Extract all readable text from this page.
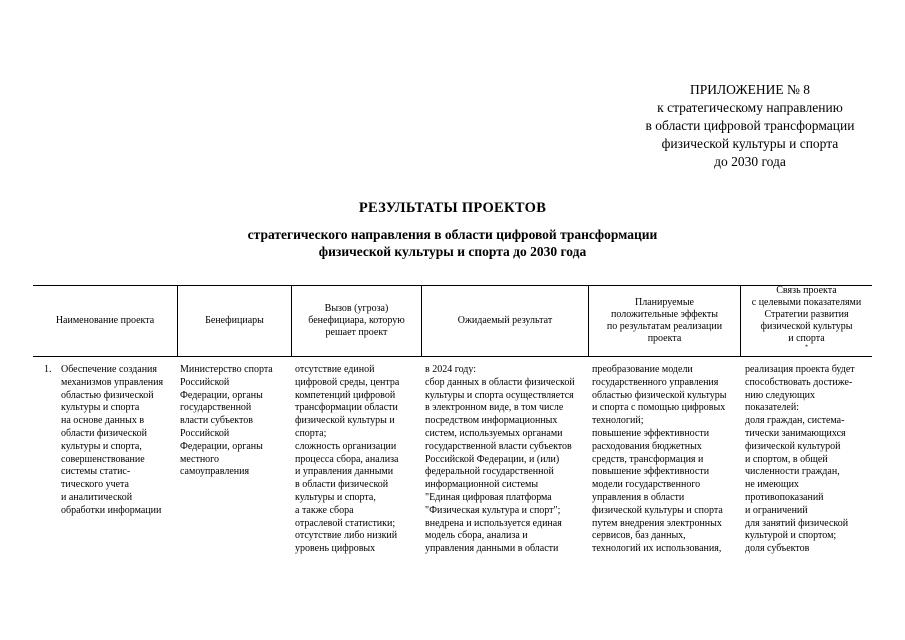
ПРИЛОЖЕНИЕ № 8
к стратегическому направлению
в области цифровой трансформации
физической культуры и спорта
до 2030 года
РЕЗУЛЬТАТЫ ПРОЕКТОВ
стратегического направления в области цифровой трансформации
физической культуры и спорта до 2030 года
Наименование проекта	Бенефициары
Вызов (угроза)
бенефициара, которую
решает проект
Ожидаемый результат
Планируемые
положительные эффекты
по результатам реализации
проекта
Связь проекта
с целевыми показателями
Стратегии развития
физической культуры
и спорта
*
1. Обеспечение создания
механизмов управления
областью физической
культуры и спорта
на основе данных в
области физической
культуры и спорта,
совершенствование
системы статис-
тического учета
и аналитической
обработки информации
Министерство спорта
Российской
Федерации, органы
государственной
власти субъектов
Российской
Федерации, органы
местного
самоуправления
отсутствие единой
цифровой среды, центра
компетенций цифровой
трансформации области
физической культуры и
спорта;
сложность организации
процесса сбора, анализа
и управления данными
в области физической
культуры и спорта,
а также сбора
отраслевой статистики;
отсутствие либо низкий
уровень цифровых
в 2024 году:
сбор данных в области физической
культуры и спорта осуществляется
в электронном виде, в том числе
посредством информационных
систем, используемых органами
государственной власти субъектов
Российской Федерации, и (или)
федеральной государственной
информационной системы
"Единая цифровая платформа
"Физическая культура и спорт";
внедрена и используется единая
модель сбора, анализа и
управления данными в области
преобразование модели
государственного управления
областью физической культуры
и спорта с помощью цифровых
технологий;
повышение эффективности
расходования бюджетных
средств, трансформация и
повышение эффективности
модели государственного
управления в области
физической культуры и спорта
путем внедрения электронных
сервисов, баз данных,
технологий их использования,
реализация проекта будет
способствовать достиже-
нию следующих
показателей:
доля граждан, система-
тически занимающихся
физической культурой
и спортом, в общей
численности граждан,
не имеющих
противопоказаний
и ограничений
для занятий физической
культурой и спортом;
доля субъектов
